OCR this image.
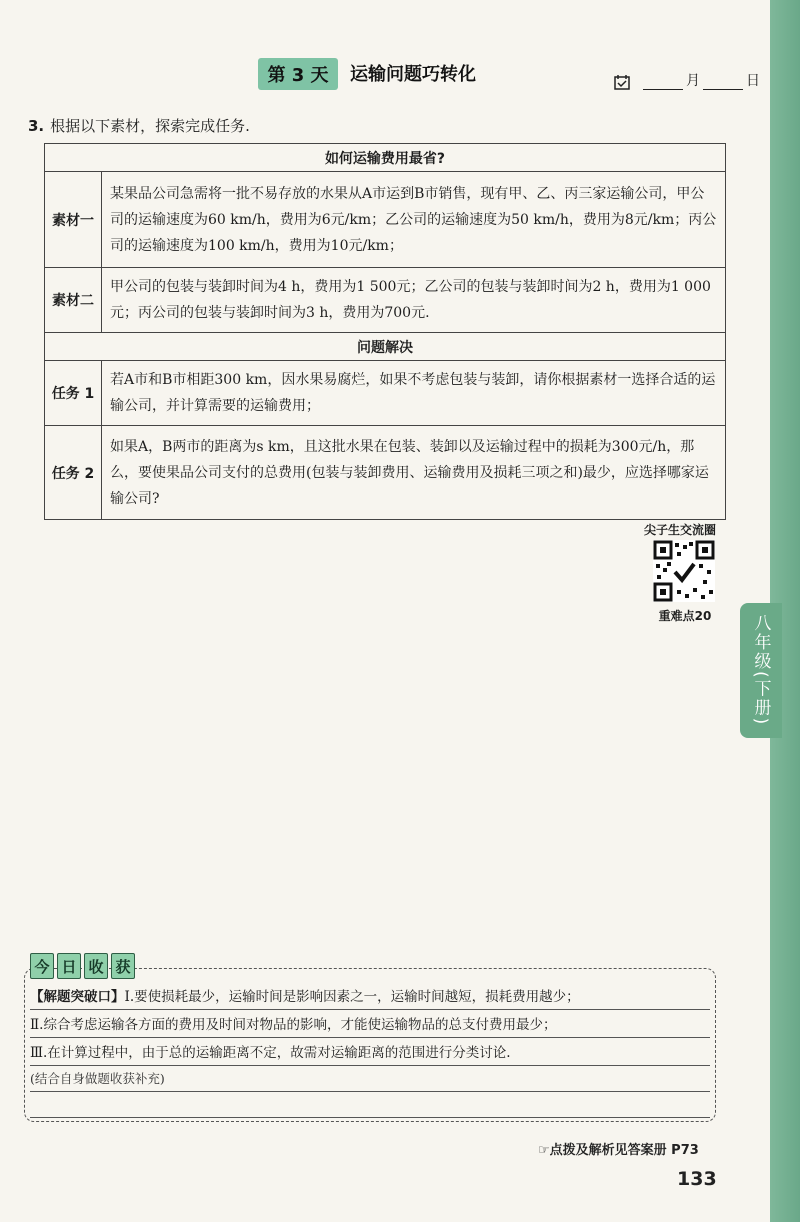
第 3 天	运输问题巧转化	月	日
3. 根据以下素材，探索完成任务.
如何运输费用最省?	
素材一	某果品公司急需将一批不易存放的水果从A市运到B市销售，现有甲、乙、丙三家运输公司，甲公司的运输速度为60 km/h，费用为6元/km；乙公司的运输速度为50 km/h，费用为8元/km；丙公司的运输速度为100 km/h，费用为10元/km；
素材二	甲公司的包装与装卸时间为4 h，费用为1 500元；乙公司的包装与装卸时间为2 h，费用为1 000元；丙公司的包装与装卸时间为3 h，费用为700元.
问题解决	
任务 1	若A市和B市相距300 km，因水果易腐烂，如果不考虑包装与装卸，请你根据素材一选择合适的运输公司，并计算需要的运输费用；
任务 2	如果A，B两市的距离为s km，且这批水果在包装、装卸以及运输过程中的损耗为300元/h，那么，要使果品公司支付的总费用(包装与装卸费用、运输费用及损耗三项之和)最少，应选择哪家运输公司?
尖子生交流圈
重难点20	八年级(下册)
今 日 收 获
【解题突破口】Ⅰ.要使损耗最少，运输时间是影响因素之一，运输时间越短，损耗费用越少；
Ⅱ.综合考虑运输各方面的费用及时间对物品的影响，才能使运输物品的总支付费用最少；
Ⅲ.在计算过程中，由于总的运输距离不定，故需对运输距离的范围进行分类讨论.
(结合自身做题收获补充)
☞点拨及解析见答案册 P73
133
